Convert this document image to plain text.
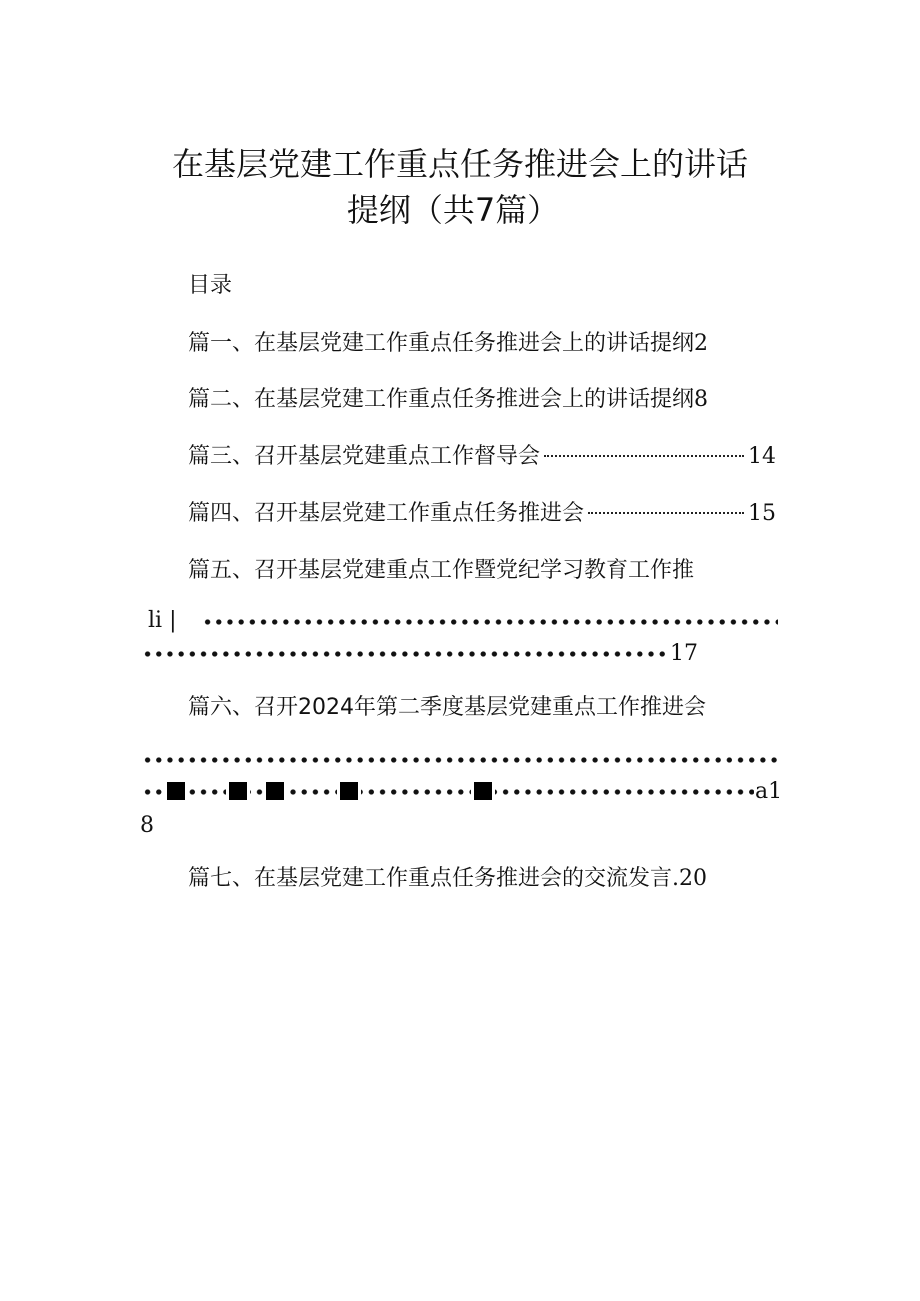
在基层党建工作重点任务推进会上的讲话
提纲（共7篇）
目录
篇一、在基层党建工作重点任务推进会上的讲话提纲 2
篇二、在基层党建工作重点任务推进会上的讲话提纲 8
篇三、召开基层党建重点工作督导会	14
篇四、召开基层党建工作重点任务推进会	15
篇五、召开基层党建重点工作暨党纪学习教育工作推
li |
17
篇六、召开2024年第二季度基层党建重点工作推进会
a1
8
篇七、在基层党建工作重点任务推进会的交流发言 .20
